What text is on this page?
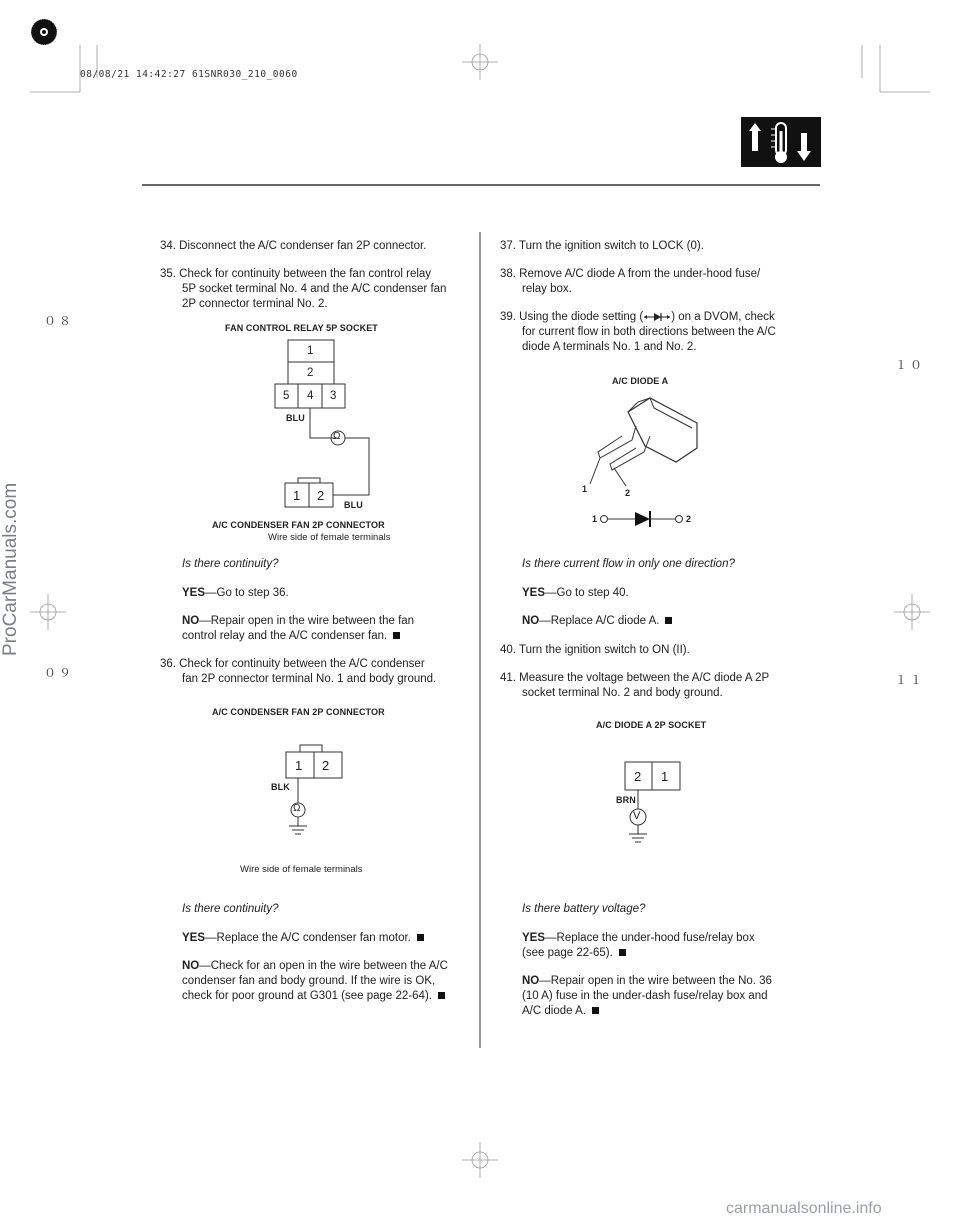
08/08/21 14:42:27 61SNR030_210_0060
ProCarManuals.com
carmanualsonline.info
０８
０９
１０
１１
34. Disconnect the A/C condenser fan 2P connector.
35. Check for continuity between the fan control relay
5P socket terminal No. 4 and the A/C condenser fan
2P connector terminal No. 2.
FAN CONTROL RELAY 5P SOCKET
1
2
5 4 3
BLU
Ω
1 2
BLU
A/C CONDENSER FAN 2P CONNECTOR
Wire side of female terminals
Is there continuity?
YES—Go to step 36.
NO—Repair open in the wire between the fan
control relay and the A/C condenser fan.
36. Check for continuity between the A/C condenser
fan 2P connector terminal No. 1 and body ground.
A/C CONDENSER FAN 2P CONNECTOR
1 2
BLK
Ω
Wire side of female terminals
Is there continuity?
YES—Replace the A/C condenser fan motor.
NO—Check for an open in the wire between the A/C
condenser fan and body ground. If the wire is OK,
check for poor ground at G301 (see page 22-64).
37. Turn the ignition switch to LOCK (0).
38. Remove A/C diode A from the under-hood fuse/
relay box.
39. Using the diode setting ( ) on a DVOM, check
for current flow in both directions between the A/C
diode A terminals No. 1 and No. 2.
A/C DIODE A
1	2
1	2
Is there current flow in only one direction?
YES—Go to step 40.
NO—Replace A/C diode A.
40. Turn the ignition switch to ON (II).
41. Measure the voltage between the A/C diode A 2P
socket terminal No. 2 and body ground.
A/C DIODE A 2P SOCKET
2 1
BRN
V
Is there battery voltage?
YES—Replace the under-hood fuse/relay box
(see page 22-65).
NO—Repair open in the wire between the No. 36
(10 A) fuse in the under-dash fuse/relay box and
A/C diode A.
